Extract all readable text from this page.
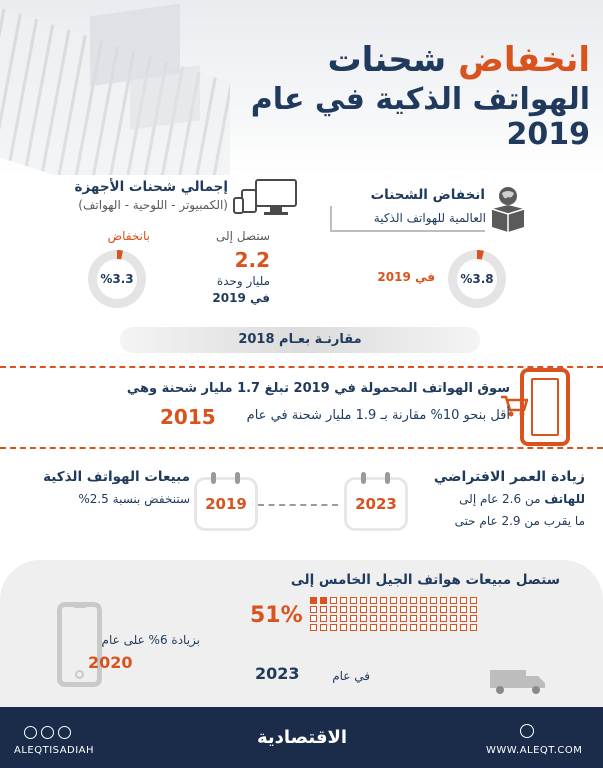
انخفاض شحنات
الهواتف الذكية في عام 2019
إجمالي شحنات الأجهزة
(الكمبيوتر - اللوحية - الهواتف)
ستصل إلى
2.2
مليار وحدة
في 2019
بانخفاض
%3.3
انخفاض الشحنات
العالمية للهواتف الذكية
في 2019 %3.8
مقارنـة بعـام 2018
سوق الهواتف المحمولة في 2019 تبلغ 1.7 مليار شحنة وهي
أقل بنحو 10% مقارنة بـ 1.9 مليار شحنة في عام
2015
زيادة العمر الافتراضي
للهاتف من 2.6 عام إلى
ما يقرب من 2.9 عام حتى
2023
2019
مبيعات الهواتف الذكية
ستنخفض بنسبة 2.5%
ستصل مبيعات هواتف الجيل الخامس إلى
51%
في عام
2023
بزيادة 6% على عام
2020
ALEQTISADIAH
الاقتصادية
WWW.ALEQT.COM
